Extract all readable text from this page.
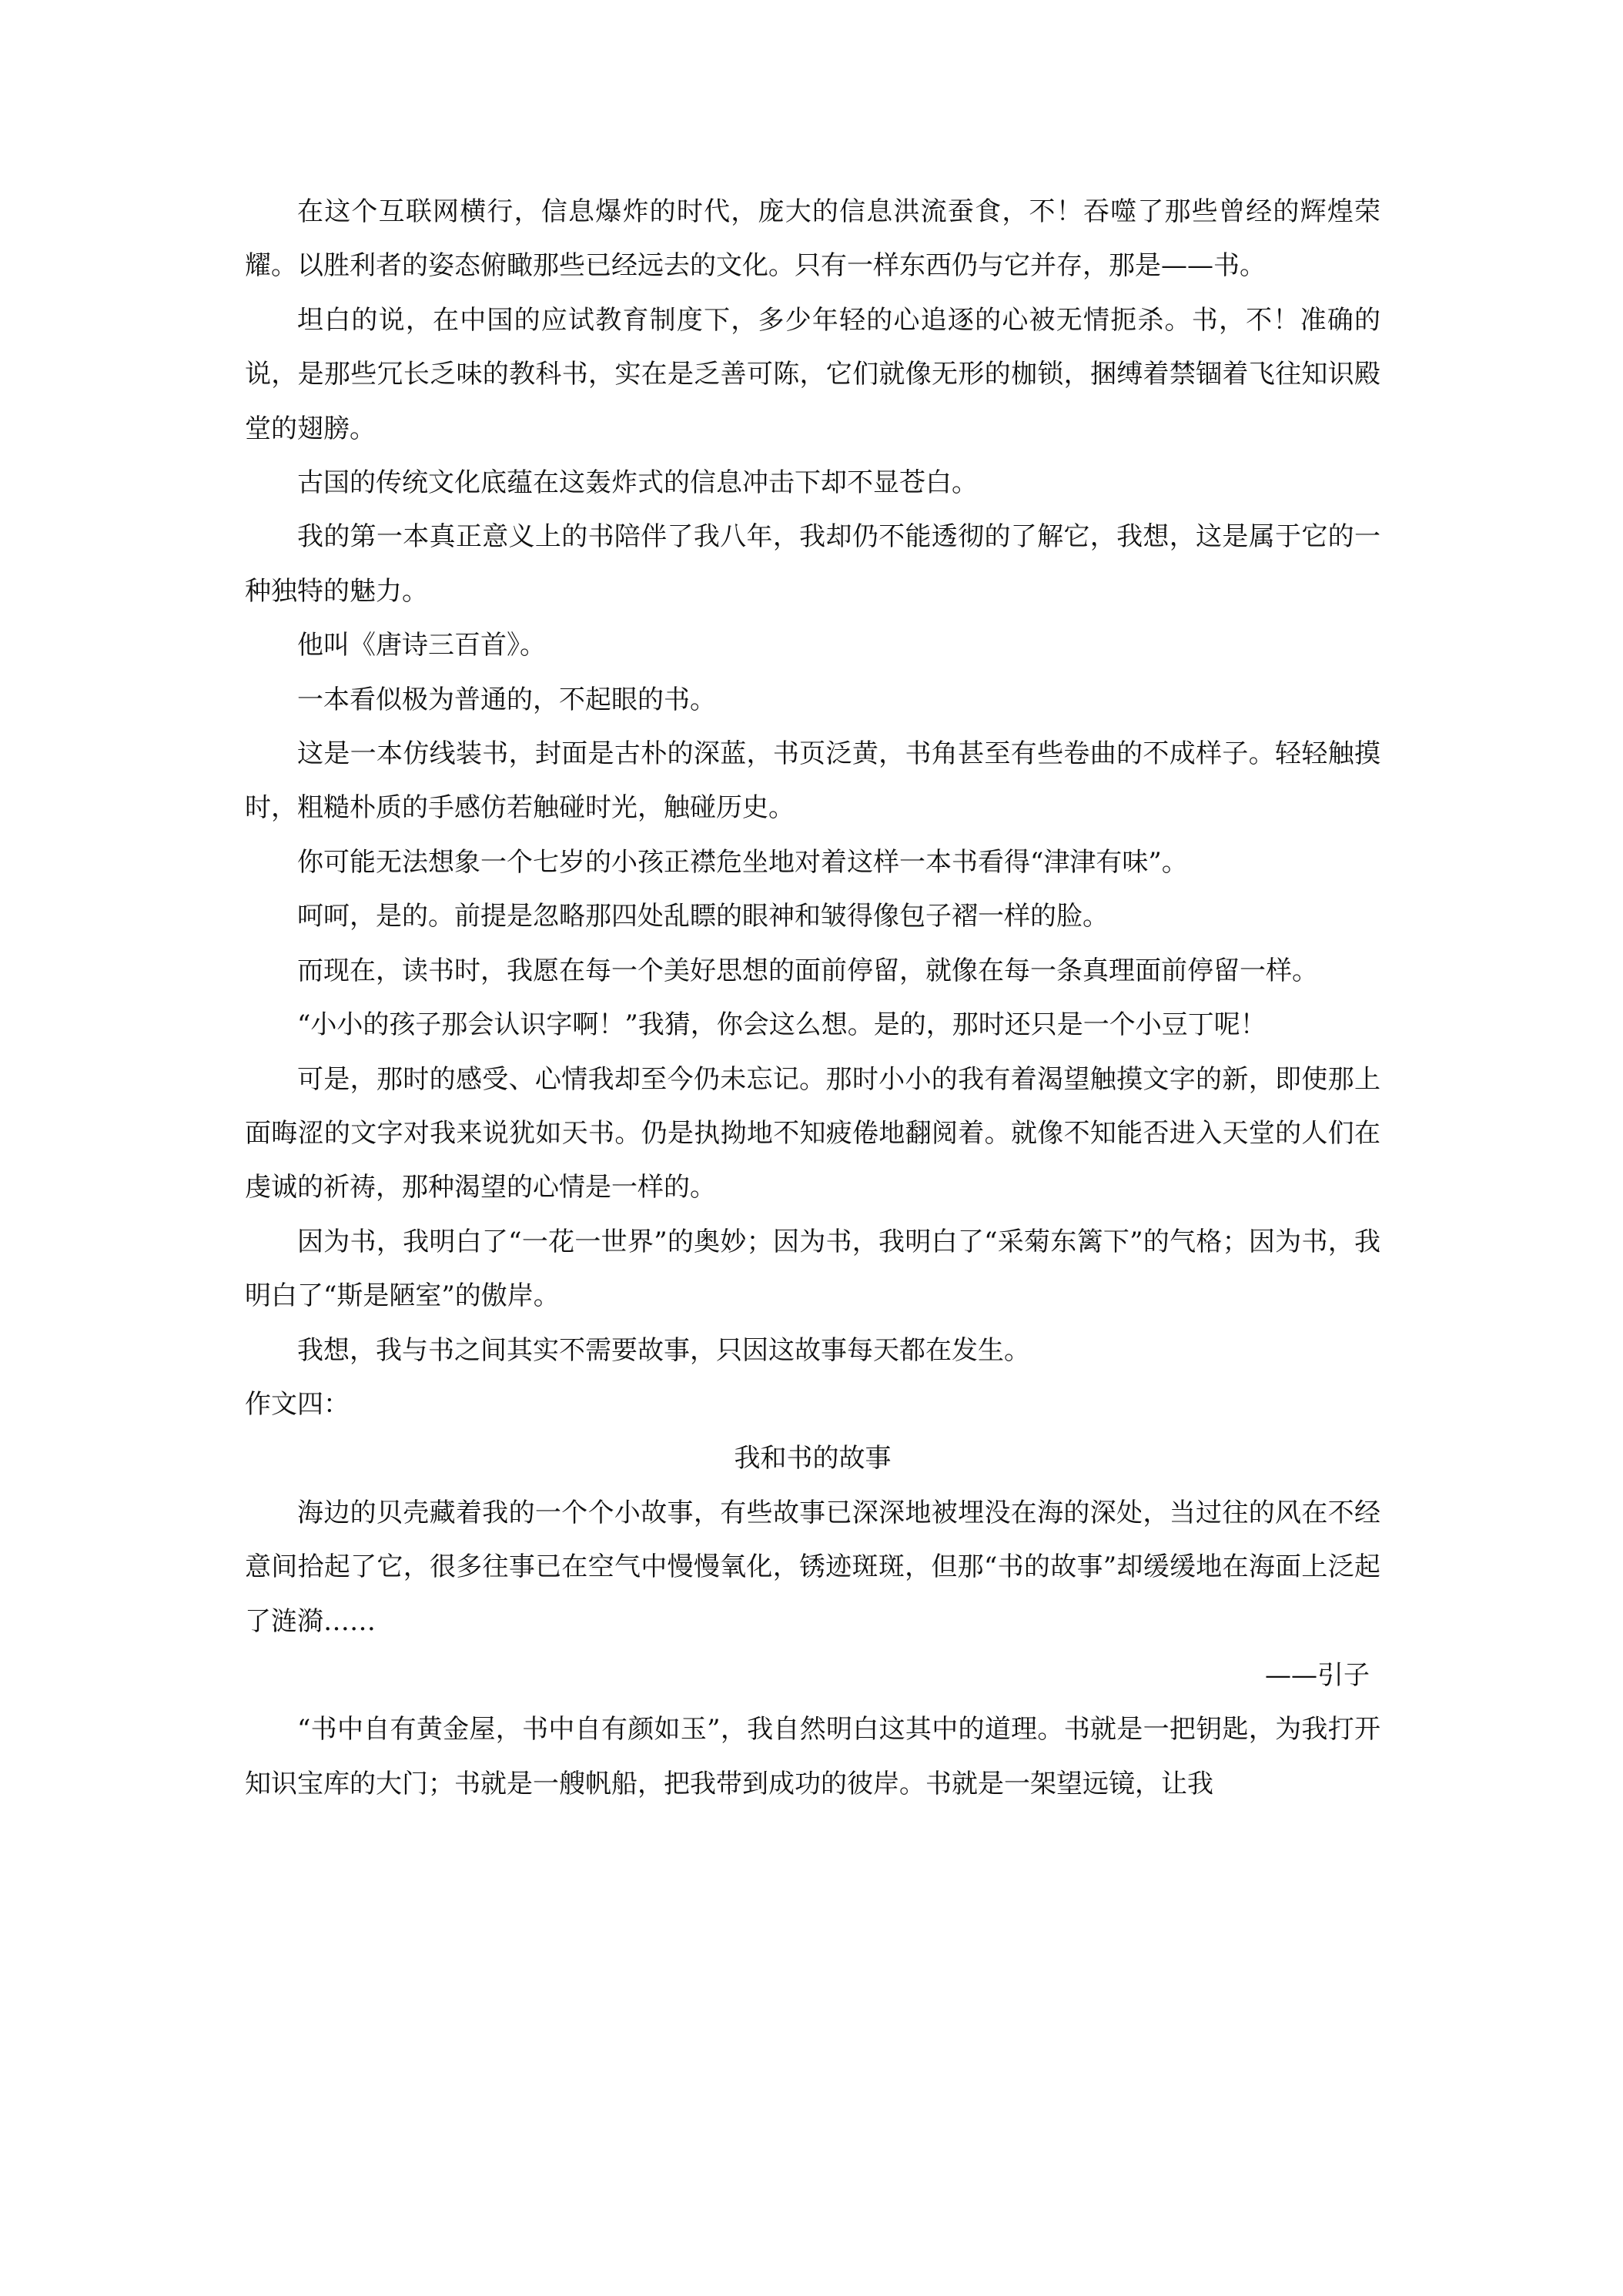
在这个互联网横行，信息爆炸的时代，庞大的信息洪流蚕食，不！吞噬了那些曾经的辉煌荣耀。以胜利者的姿态俯瞰那些已经远去的文化。只有一样东西仍与它并存，那是——书。

坦白的说，在中国的应试教育制度下，多少年轻的心追逐的心被无情扼杀。书，不！准确的说，是那些冗长乏味的教科书，实在是乏善可陈，它们就像无形的枷锁，捆缚着禁锢着飞往知识殿堂的翅膀。

古国的传统文化底蕴在这轰炸式的信息冲击下却不显苍白。

我的第一本真正意义上的书陪伴了我八年，我却仍不能透彻的了解它，我想，这是属于它的一种独特的魅力。

他叫《唐诗三百首》。

一本看似极为普通的，不起眼的书。

这是一本仿线装书，封面是古朴的深蓝，书页泛黄，书角甚至有些卷曲的不成样子。轻轻触摸时，粗糙朴质的手感仿若触碰时光，触碰历史。

你可能无法想象一个七岁的小孩正襟危坐地对着这样一本书看得“津津有味”。

呵呵，是的。前提是忽略那四处乱瞟的眼神和皱得像包子褶一样的脸。

而现在，读书时，我愿在每一个美好思想的面前停留，就像在每一条真理面前停留一样。

“小小的孩子那会认识字啊！”我猜，你会这么想。是的，那时还只是一个小豆丁呢！

可是，那时的感受、心情我却至今仍未忘记。那时小小的我有着渴望触摸文字的新，即使那上面晦涩的文字对我来说犹如天书。仍是执拗地不知疲倦地翻阅着。就像不知能否进入天堂的人们在虔诚的祈祷，那种渴望的心情是一样的。

因为书，我明白了“一花一世界”的奥妙；因为书，我明白了“采菊东篱下”的气格；因为书，我明白了“斯是陋室”的傲岸。

我想，我与书之间其实不需要故事，只因这故事每天都在发生。

作文四：

我和书的故事

海边的贝壳藏着我的一个个小故事，有些故事已深深地被埋没在海的深处，当过往的风在不经意间拾起了它，很多往事已在空气中慢慢氧化，锈迹斑斑，但那“书的故事”却缓缓地在海面上泛起了涟漪……

——引子

“书中自有黄金屋，书中自有颜如玉”，我自然明白这其中的道理。书就是一把钥匙，为我打开知识宝库的大门；书就是一艘帆船，把我带到成功的彼岸。书就是一架望远镜，让我
